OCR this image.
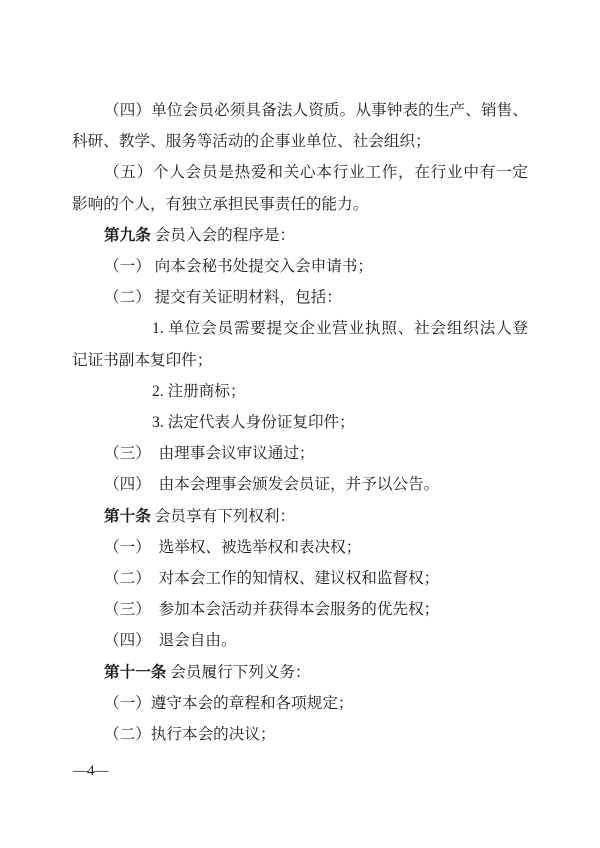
（四）单位会员必须具备法人资质。从事钟表的生产、销售、
科研、教学、服务等活动的企事业单位、社会组织；
（五）个人会员是热爱和关心本行业工作，在行业中有一定
影响的个人，有独立承担民事责任的能力。
第九条 会员入会的程序是：
（一） 向本会秘书处提交入会申请书；
（二） 提交有关证明材料，包括：
1. 单位会员需要提交企业营业执照、社会组织法人登
记证书副本复印件；
2. 注册商标；
3. 法定代表人身份证复印件；
（三）　由理事会议审议通过；
（四）　由本会理事会颁发会员证，并予以公告。
第十条 会员享有下列权利：
（一）　选举权、被选举权和表决权；
（二）　对本会工作的知情权、建议权和监督权；
（三）　参加本会活动并获得本会服务的优先权；
（四）　退会自由。
第十一条 会员履行下列义务：
（一）遵守本会的章程和各项规定；
（二）执行本会的决议；
—4—
